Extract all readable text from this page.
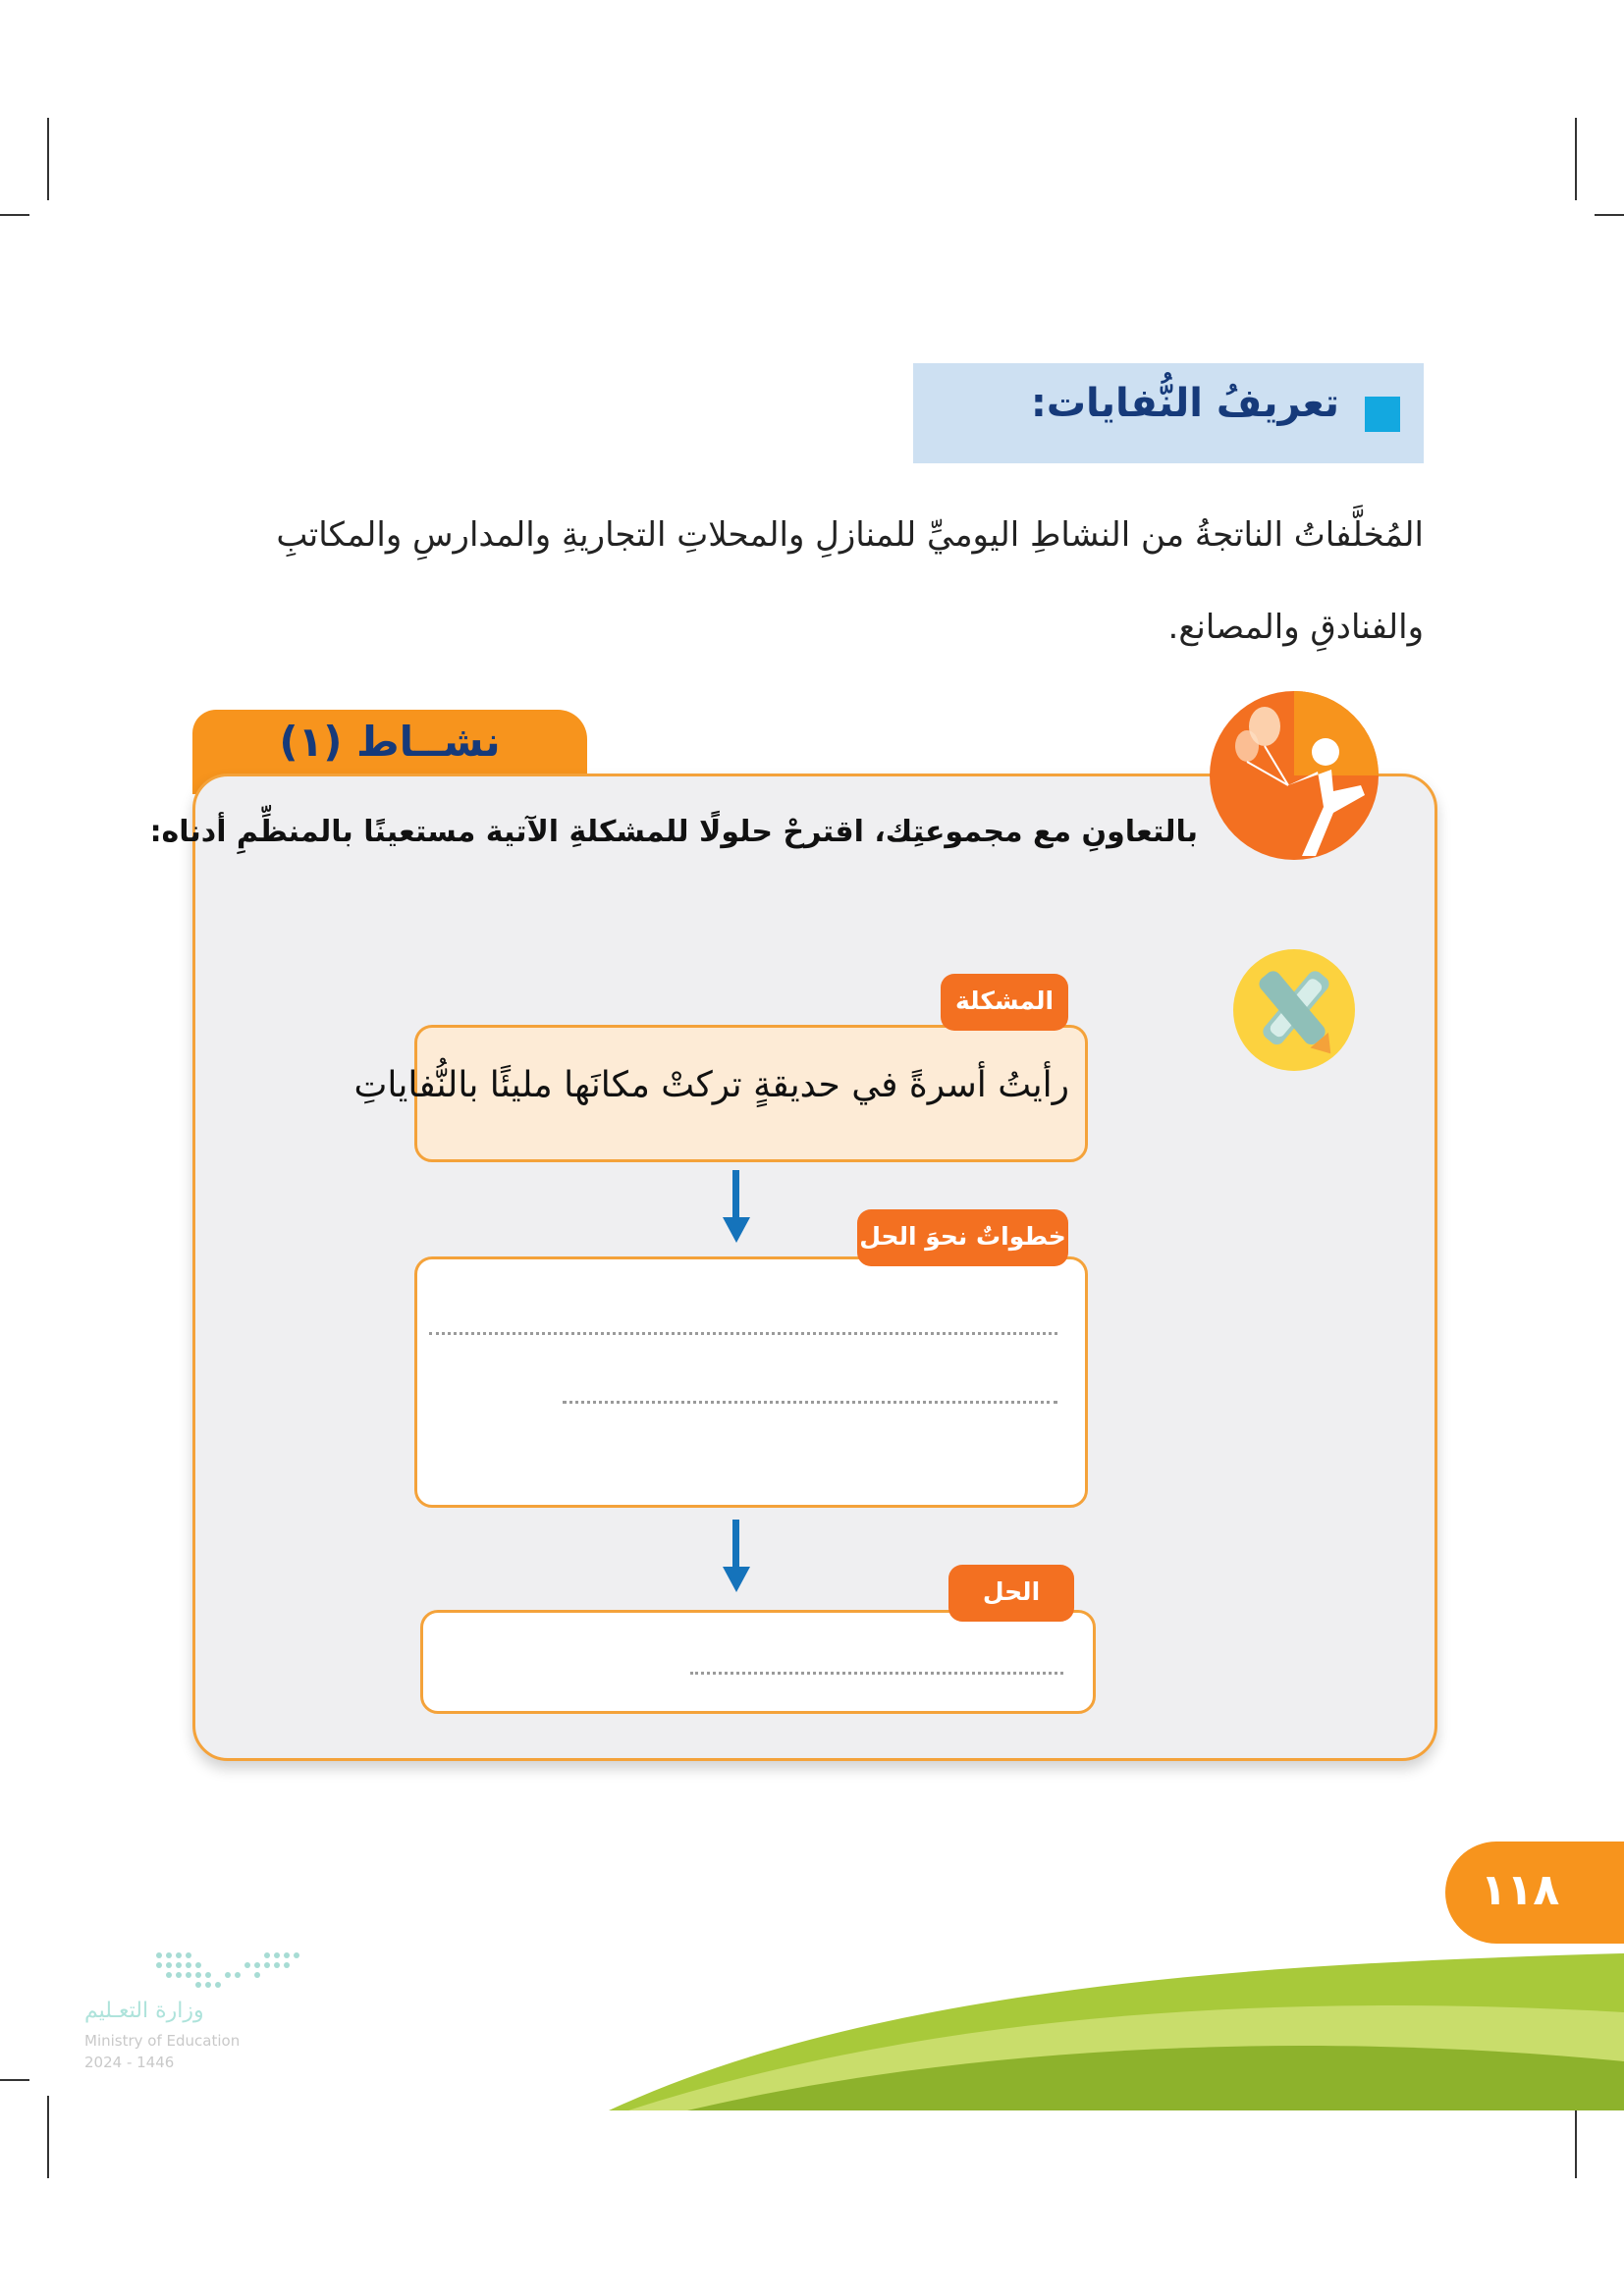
تعريفُ النُّفايات:
المُخلَّفاتُ الناتجةُ من النشاطِ اليوميِّ للمنازلِ والمحلاتِ التجاريةِ والمدارسِ والمكاتبِ والفنادقِ والمصانع.
نشــاط (١)
بالتعاونِ مع مجموعتِك، اقترحْ حلولًا للمشكلةِ الآتية مستعينًا بالمنظِّمِ أدناه:
رأيتُ أسرةً في حديقةٍ تركتْ مكانَها مليئًا بالنُّفاياتِ
المشكلة
خطواتٌ نحوَ الحل
الحل
١١٨
وزارة التعـليم
Ministry of Education
2024 - 1446
